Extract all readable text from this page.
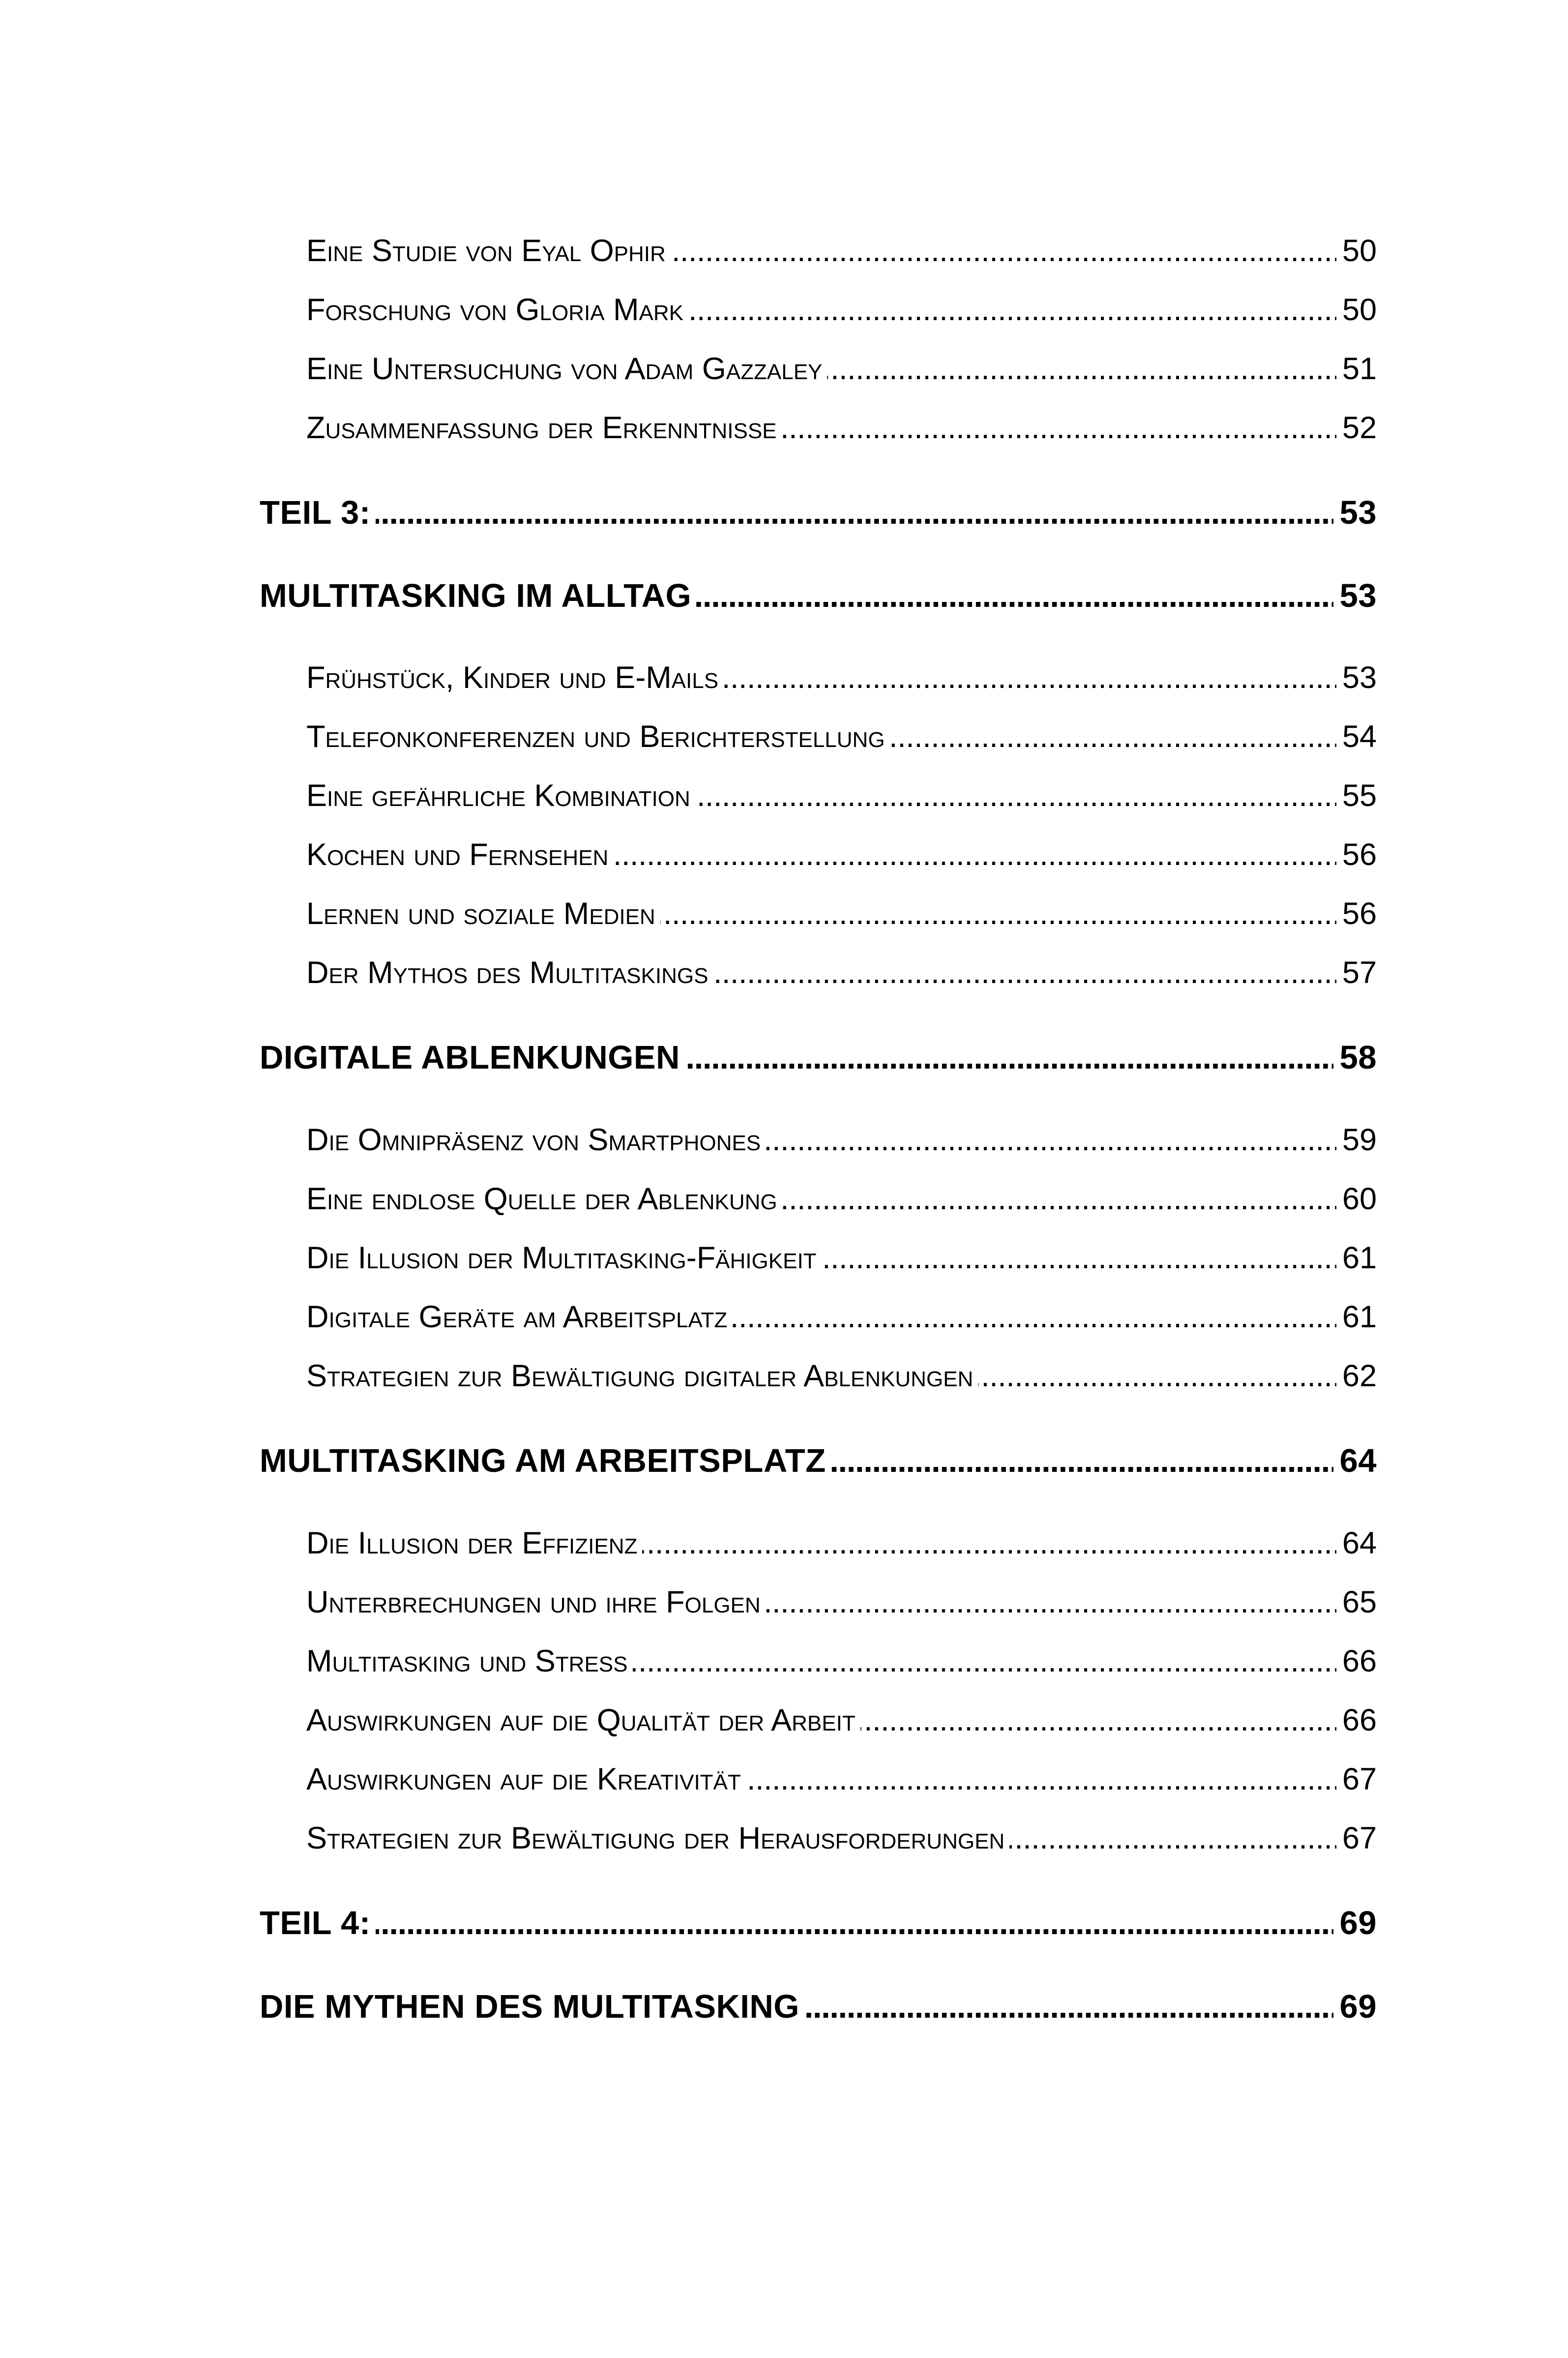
Eine Studie von Eyal Ophir . . .	50
Forschung von Gloria Mark . . .	50
Eine Untersuchung von Adam Gazzaley . . .	51
Zusammenfassung der Erkenntnisse . . .	52
TEIL 3: . . .	53
MULTITASKING IM ALLTAG . . .	53
Frühstück, Kinder und E-Mails . . .	53
Telefonkonferenzen und Berichterstellung . . .	54
Eine gefährliche Kombination . . .	55
Kochen und Fernsehen . . .	56
Lernen und soziale Medien . . .	56
Der Mythos des Multitaskings . . .	57
DIGITALE ABLENKUNGEN . . .	58
Die Omnipräsenz von Smartphones . . .	59
Eine endlose Quelle der Ablenkung . . .	60
Die Illusion der Multitasking-Fähigkeit . . .	61
Digitale Geräte am Arbeitsplatz . . .	61
Strategien zur Bewältigung digitaler Ablenkungen . . .	62
MULTITASKING AM ARBEITSPLATZ . . .	64
Die Illusion der Effizienz . . .	64
Unterbrechungen und ihre Folgen . . .	65
Multitasking und Stress . . .	66
Auswirkungen auf die Qualität der Arbeit . . .	66
Auswirkungen auf die Kreativität . . .	67
Strategien zur Bewältigung der Herausforderungen . . .	67
TEIL 4: . . .	69
DIE MYTHEN DES MULTITASKING . . .	69
